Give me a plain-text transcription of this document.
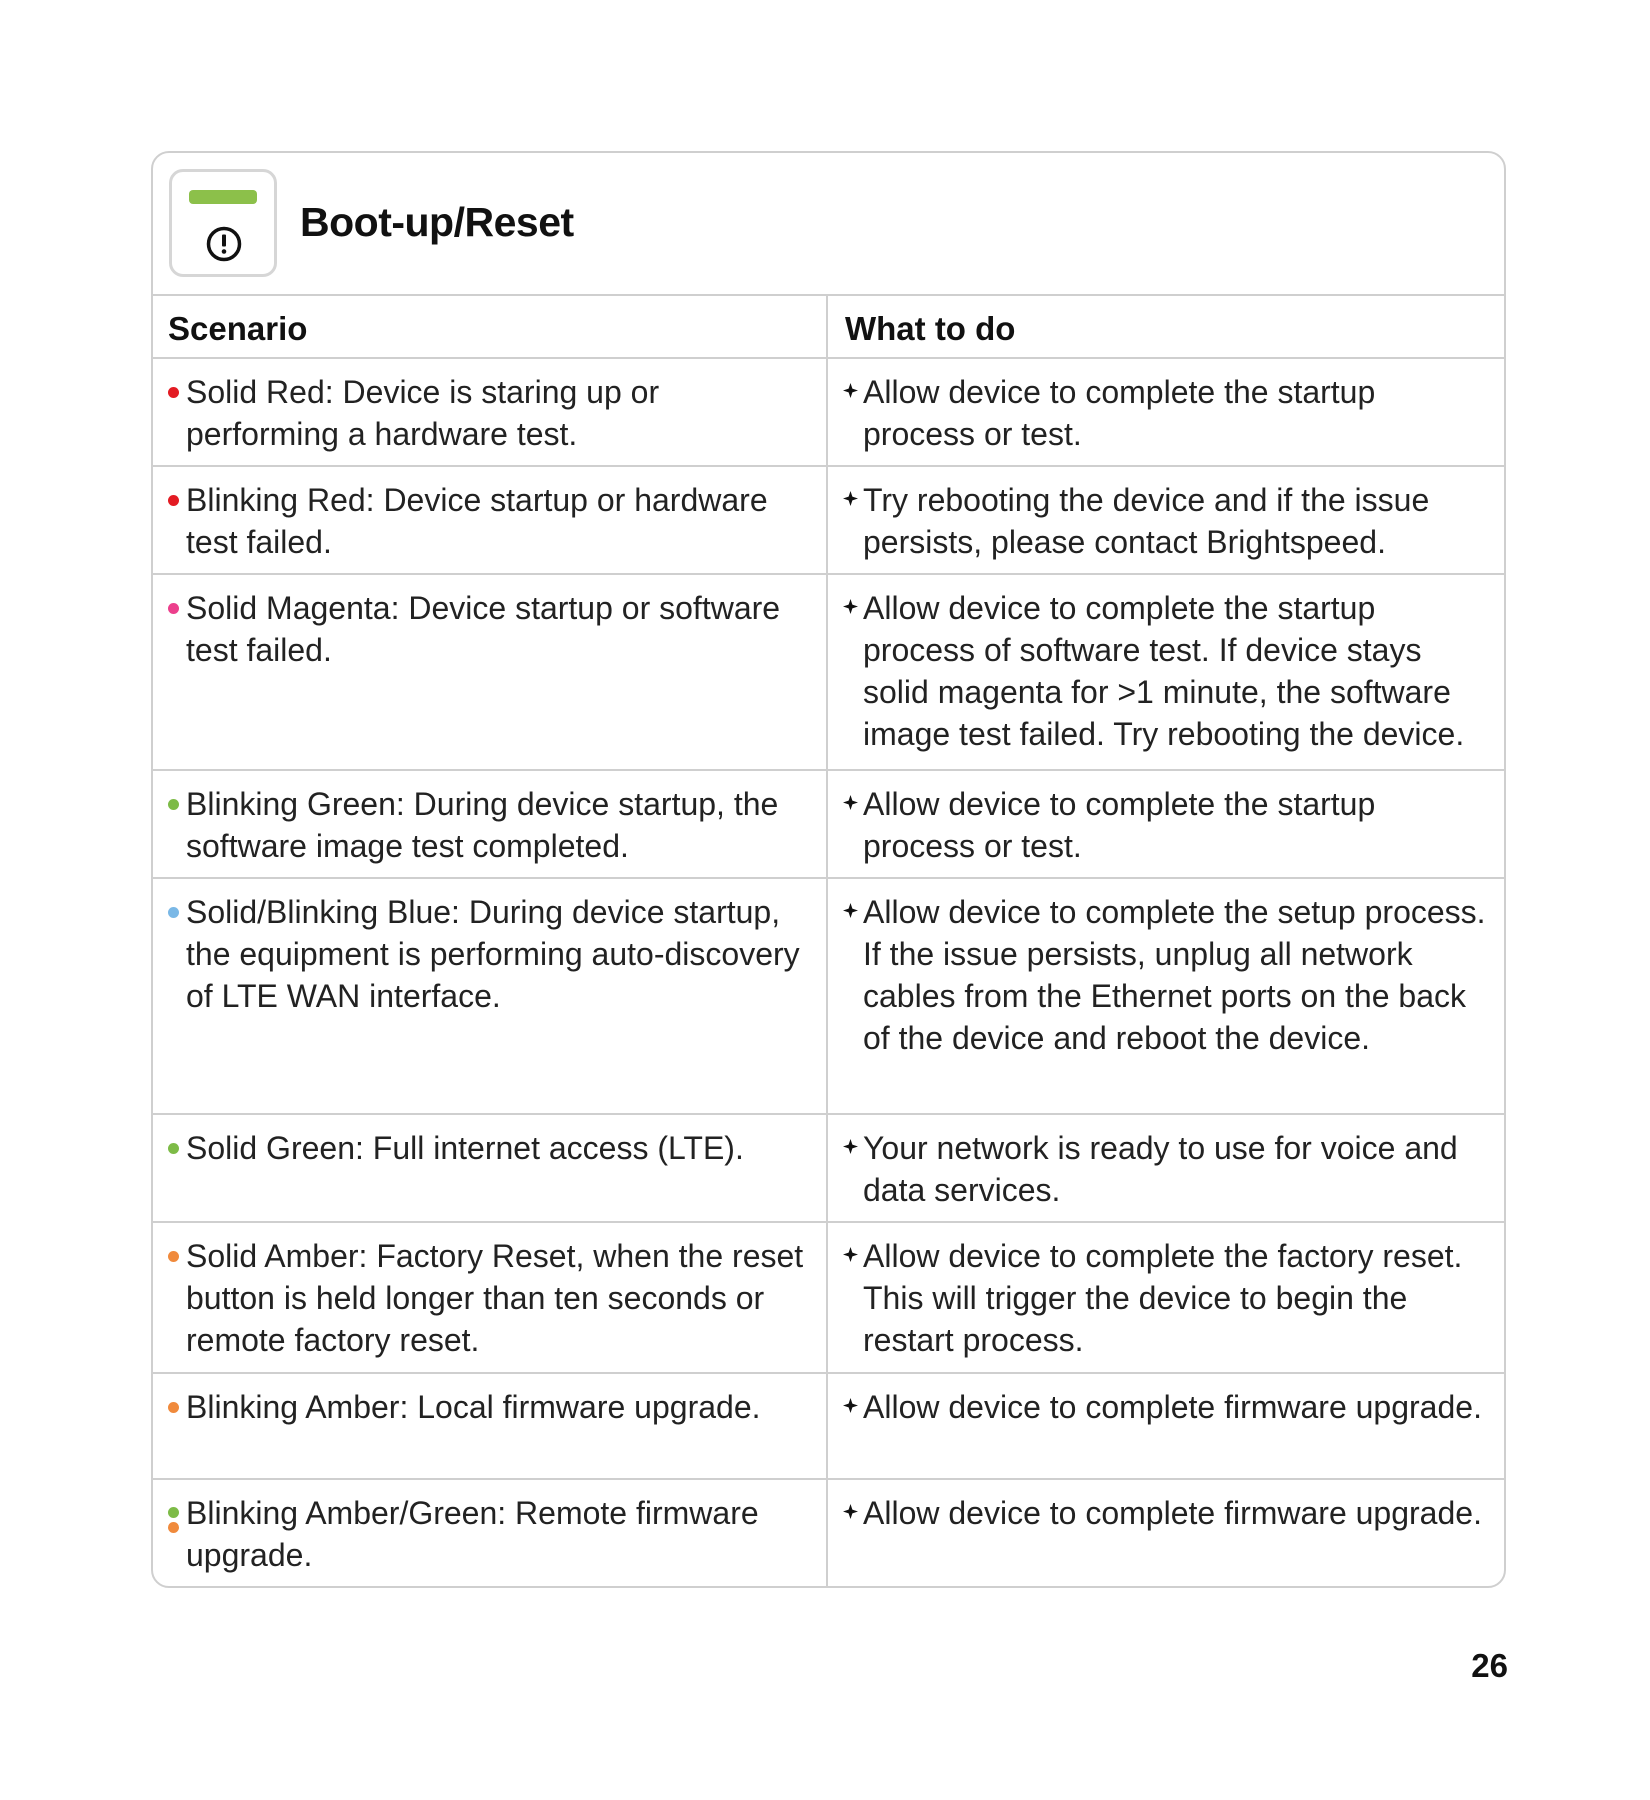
Boot-up/Reset
Scenario	What to do

Solid Red: Device is staring up or performing a hardware test.	Allow device to complete the startup process or test.

Blinking Red: Device startup or hardware test failed.	Try rebooting the device and if the issue persists, please contact Brightspeed.

Solid Magenta: Device startup or software test failed.	Allow device to complete the startup process of software test. If device stays solid magenta for >1 minute, the software image test failed. Try rebooting the device.

Blinking Green: During device startup, the software image test completed.	Allow device to complete the startup process or test.

Solid/Blinking Blue: During device startup, the equipment is performing auto-discovery of LTE WAN interface.	Allow device to complete the setup process. If the issue persists, unplug all network cables from the Ethernet ports on the back of the device and reboot the device.

Solid Green: Full internet access (LTE).	Your network is ready to use for voice and data services.

Solid Amber: Factory Reset, when the reset button is held longer than ten seconds or remote factory reset.	Allow device to complete the factory reset. This will trigger the device to begin the restart process.

Blinking Amber: Local firmware upgrade.	Allow device to complete firmware upgrade.

Blinking Amber/Green: Remote firmware upgrade.	Allow device to complete firmware upgrade.
26
